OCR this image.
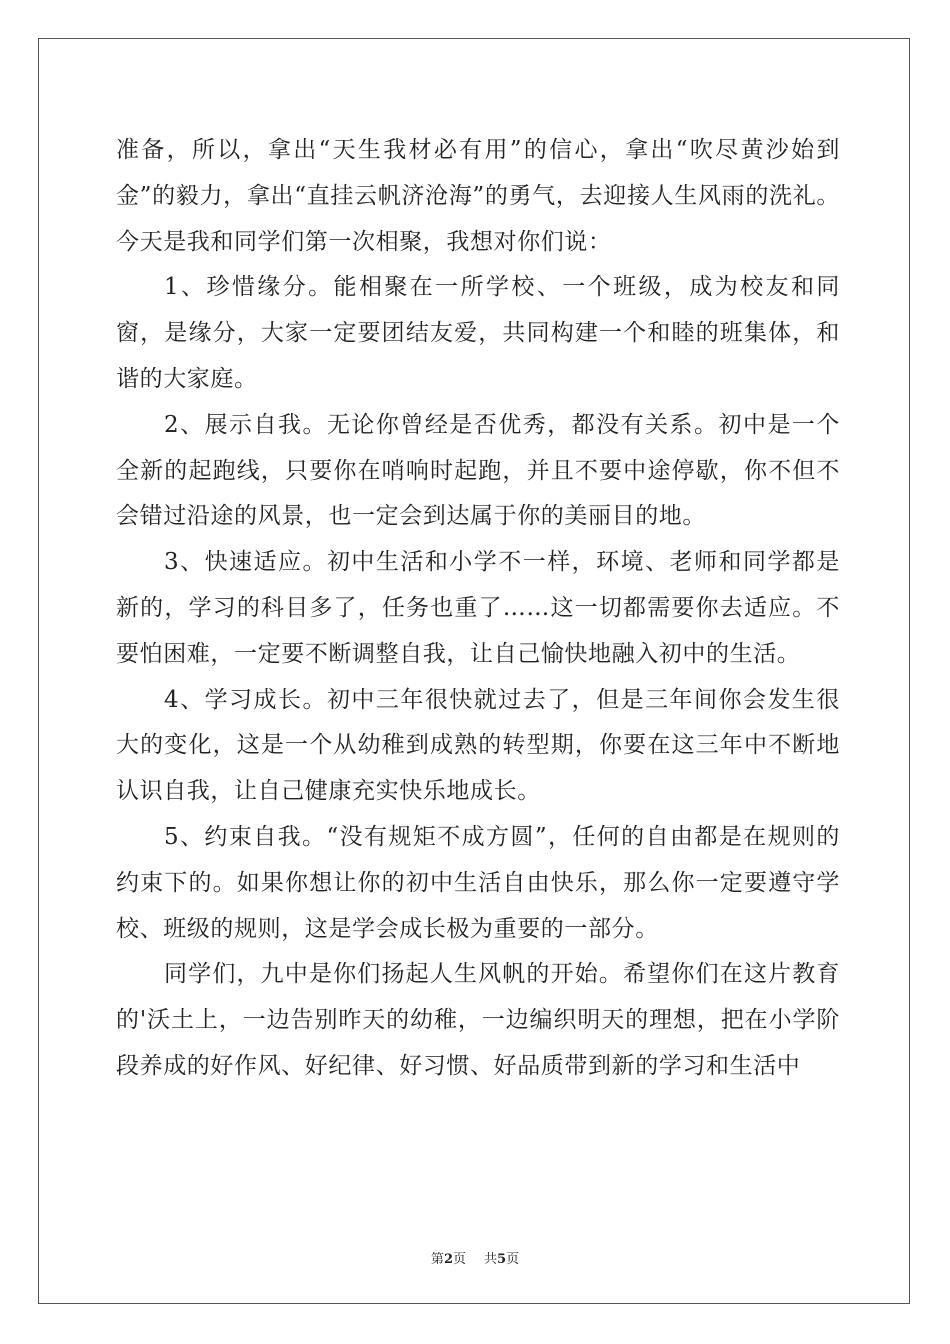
准备，所以，拿出“天生我材必有用”的信心，拿出“吹尽黄沙始到金”的毅力，拿出“直挂云帆济沧海”的勇气，去迎接人生风雨的洗礼。今天是我和同学们第一次相聚，我想对你们说：

1、珍惜缘分。能相聚在一所学校、一个班级，成为校友和同窗，是缘分，大家一定要团结友爱，共同构建一个和睦的班集体，和谐的大家庭。

2、展示自我。无论你曾经是否优秀，都没有关系。初中是一个全新的起跑线，只要你在哨响时起跑，并且不要中途停歇，你不但不会错过沿途的风景，也一定会到达属于你的美丽目的地。

3、快速适应。初中生活和小学不一样，环境、老师和同学都是新的，学习的科目多了，任务也重了……这一切都需要你去适应。不要怕困难，一定要不断调整自我，让自己愉快地融入初中的生活。

4、学习成长。初中三年很快就过去了，但是三年间你会发生很大的变化，这是一个从幼稚到成熟的转型期，你要在这三年中不断地认识自我，让自己健康充实快乐地成长。

5、约束自我。“没有规矩不成方圆”，任何的自由都是在规则的约束下的。如果你想让你的初中生活自由快乐，那么你一定要遵守学校、班级的规则，这是学会成长极为重要的一部分。

同学们，九中是你们扬起人生风帆的开始。希望你们在这片教育的'沃土上，一边告别昨天的幼稚，一边编织明天的理想，把在小学阶段养成的好作风、好纪律、好习惯、好品质带到新的学习和生活中

第2页 共5页
